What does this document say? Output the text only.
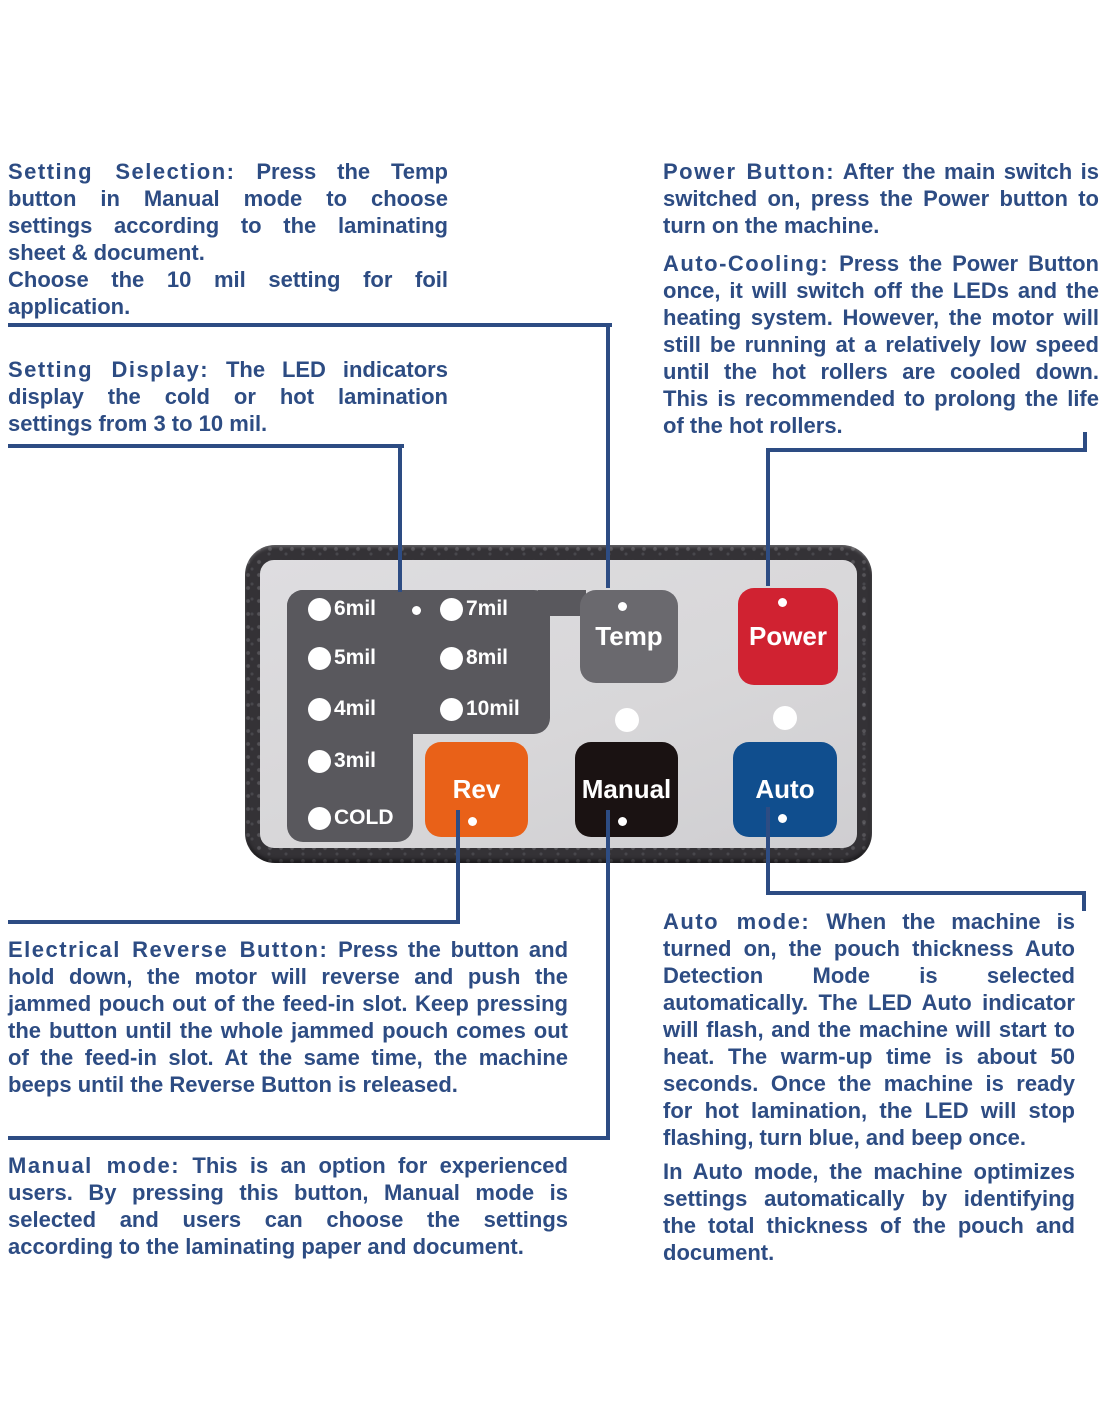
Setting Selection: Press the Temp button in Manual mode to choose settings according to the laminating sheet & document.

Choose the 10 mil setting for foil application.

Setting Display: The LED indicators display the cold or hot lamination settings from 3 to 10 mil.

Power Button: After the main switch is switched on, press the Power button to turn on the machine.

Auto-Cooling: Press the Power Button once, it will switch off the LEDs and the heating system. However, the motor will still be running at a relatively low speed until the hot rollers are cooled down. This is recommended to prolong the life of the hot rollers.

Electrical Reverse Button: Press the button and hold down, the motor will reverse and push the jammed pouch out of the feed-in slot. Keep pressing the button until the whole jammed pouch comes out of the feed-in slot. At the same time, the machine beeps until the Reverse Button is released.

Manual mode: This is an option for experienced users. By pressing this button, Manual mode is selected and users can choose the settings according to the laminating paper and document.

Auto mode: When the machine is turned on, the pouch thickness Auto Detection Mode is selected automatically. The LED Auto indicator will flash, and the machine will start to heat. The warm-up time is about 50 seconds. Once the machine is ready for hot lamination, the LED will stop flashing, turn blue, and beep once.

In Auto mode, the machine optimizes settings automatically by identifying the total thickness of the pouch and document.

6mil
5mil
4mil
3mil
COLD
7mil
8mil
10mil
Temp	Power
Rev	Manual	Auto
